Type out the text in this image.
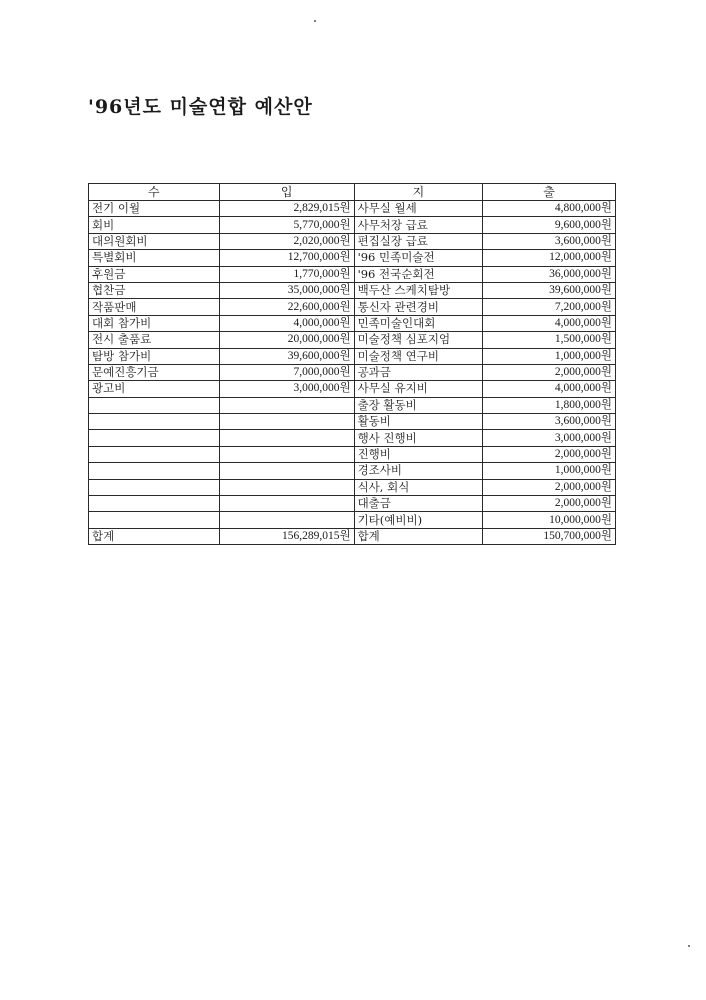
'96년도 미술연합 예산안
수	입	지	출
전기 이월	2,829,015원	사무실 월세	4,800,000원
회비	5,770,000원	사무처장 급료	9,600,000원
대의원회비	2,020,000원	편집실장 급료	3,600,000원
특별회비	12,700,000원	'96 민족미술전	12,000,000원
후원금	1,770,000원	'96 전국순회전	36,000,000원
협찬금	35,000,000원	백두산 스케치탐방	39,600,000원
작품판매	22,600,000원	통신자 관련경비	7,200,000원
대회 참가비	4,000,000원	민족미술인대회	4,000,000원
전시 출품료	20,000,000원	미술정책 심포지엄	1,500,000원
탐방 참가비	39,600,000원	미술정책 연구비	1,000,000원
문예진흥기금	7,000,000원	공과금	2,000,000원
광고비	3,000,000원	사무실 유지비	4,000,000원
		출장 활동비	1,800,000원
		활동비	3,600,000원
		행사 진행비	3,000,000원
		진행비	2,000,000원
		경조사비	1,000,000원
		식사, 회식	2,000,000원
		대출금	2,000,000원
		기타(예비비)	10,000,000원
합계	156,289,015원	합계	150,700,000원
